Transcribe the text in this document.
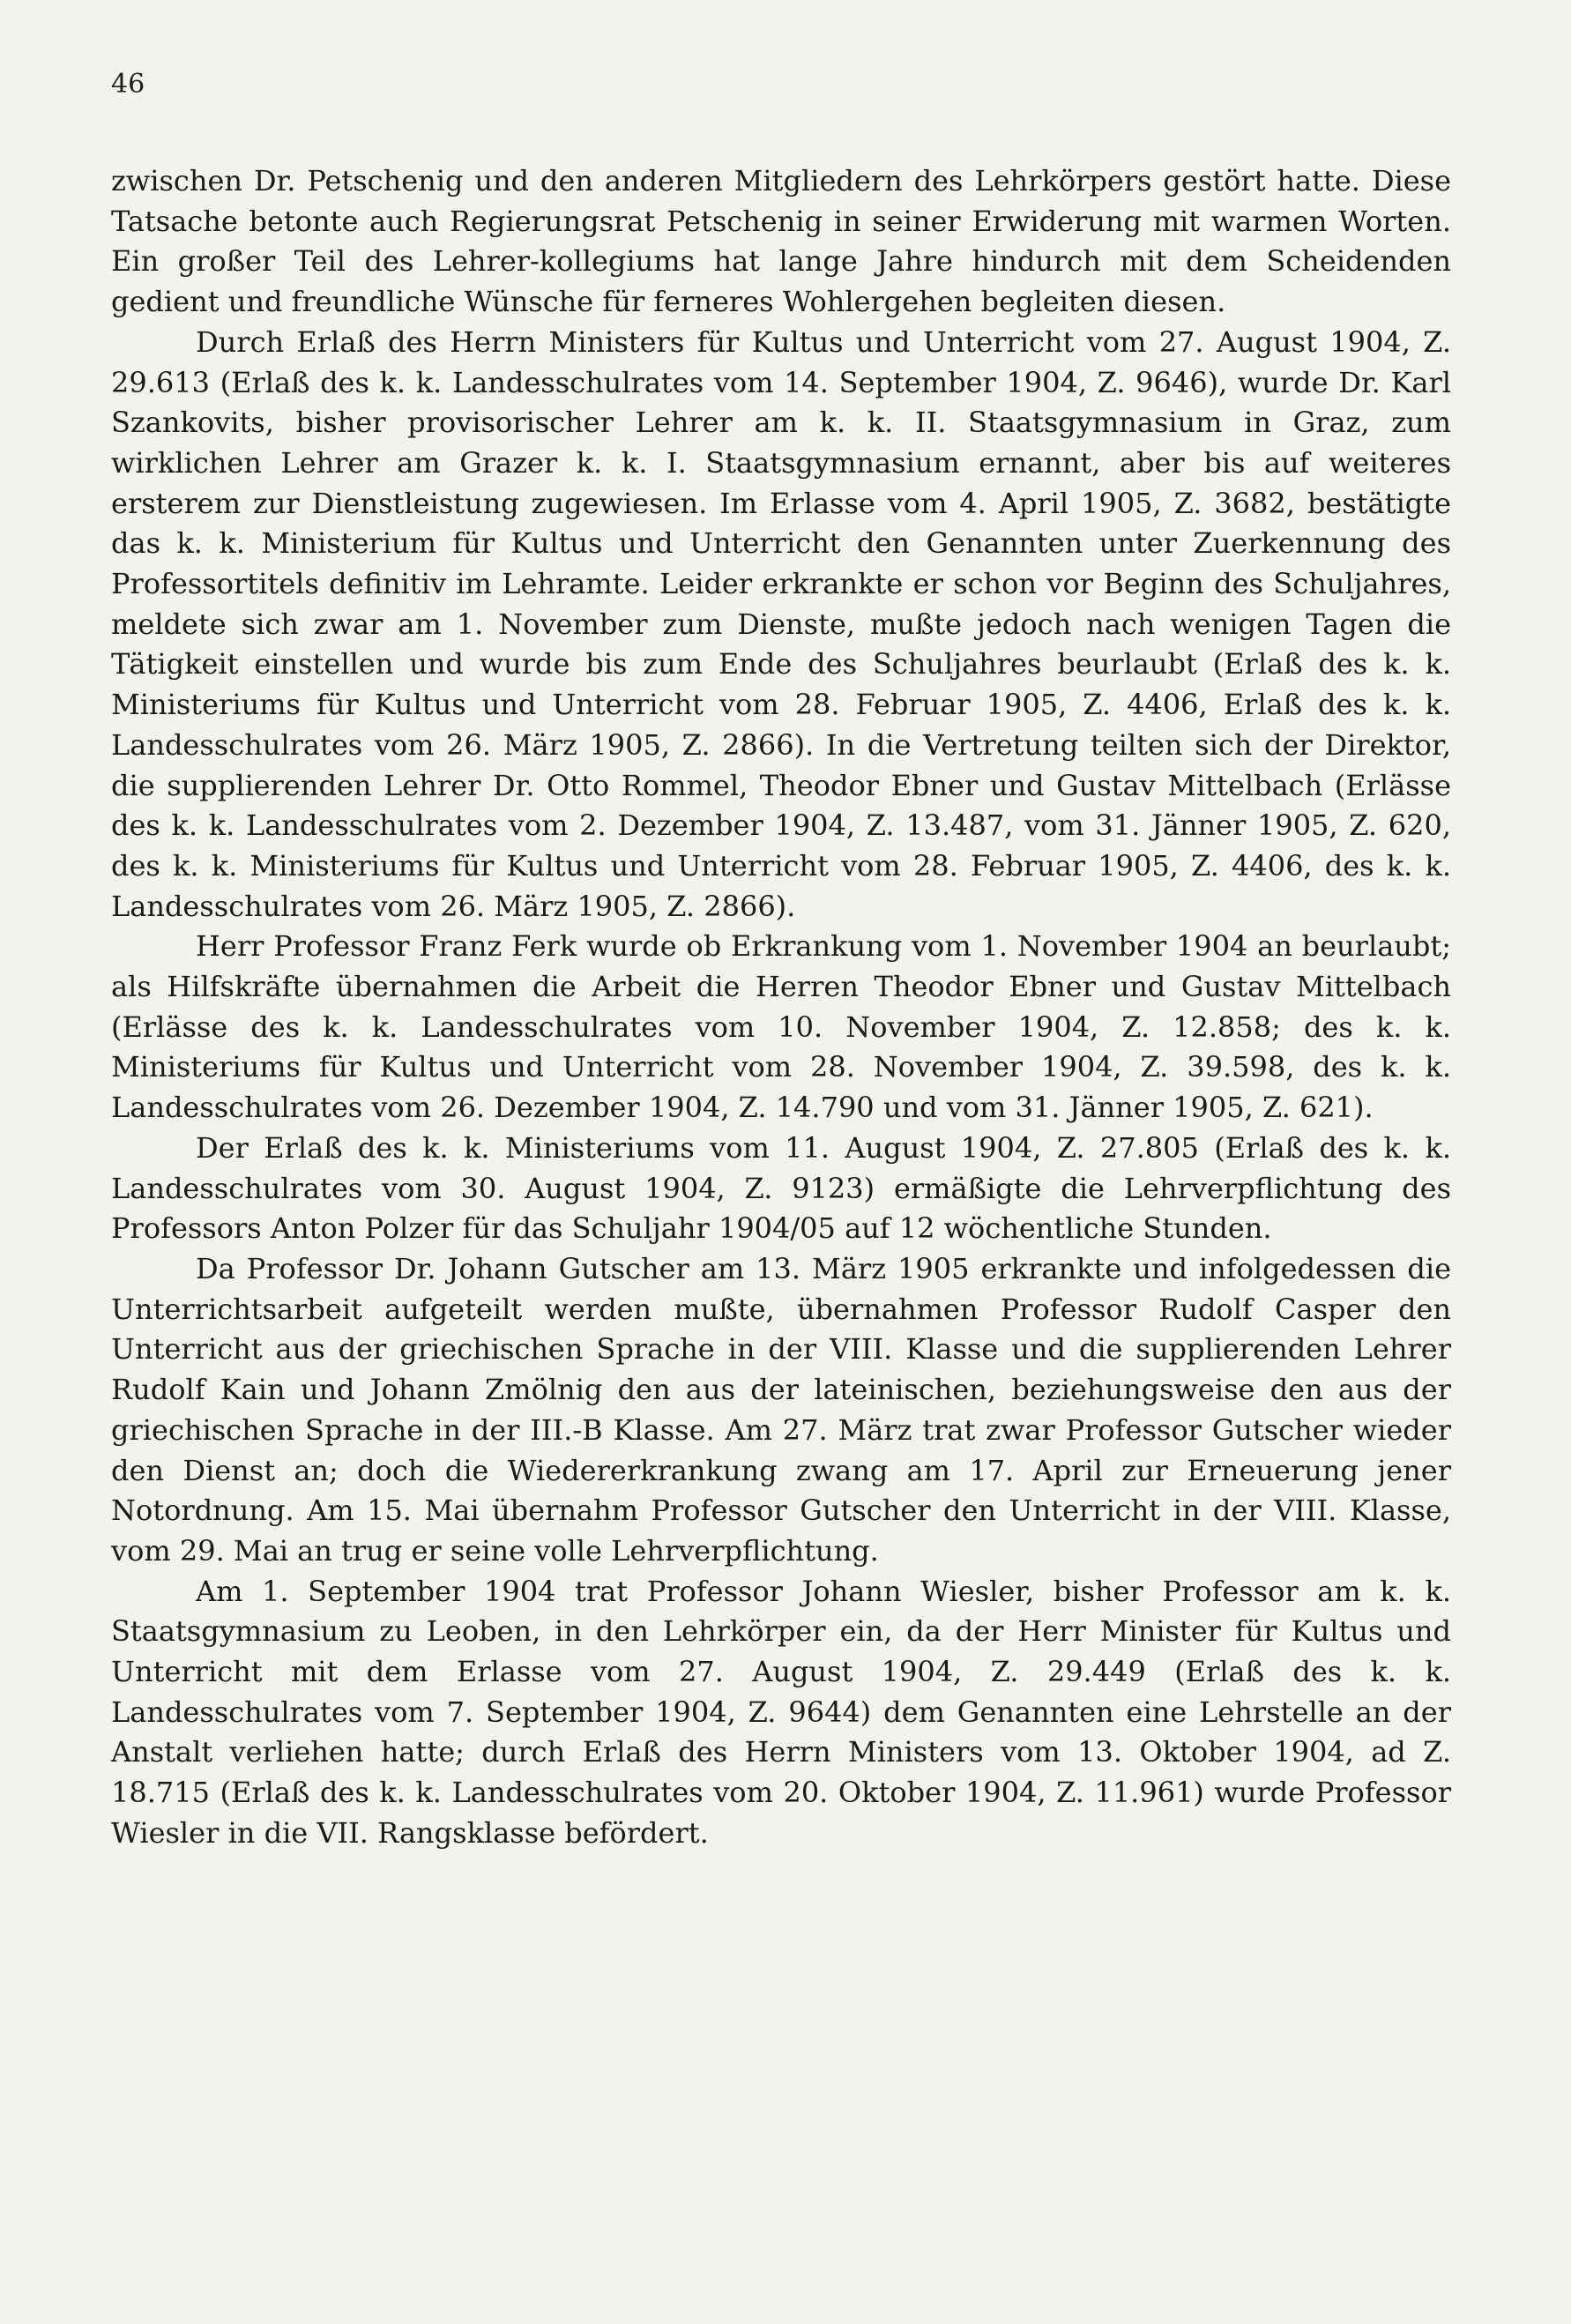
46

zwischen Dr. Petschenig und den anderen Mitgliedern des Lehrkörpers gestört hatte. Diese Tatsache betonte auch Regierungsrat Petschenig in seiner Erwiderung mit warmen Worten. Ein großer Teil des Lehrer-kollegiums hat lange Jahre hindurch mit dem Scheidenden gedient und freundliche Wünsche für ferneres Wohlergehen begleiten diesen.

Durch Erlaß des Herrn Ministers für Kultus und Unterricht vom 27. August 1904, Z. 29.613 (Erlaß des k. k. Landesschulrates vom 14. September 1904, Z. 9646), wurde Dr. Karl Szankovits, bisher provisorischer Lehrer am k. k. II. Staatsgymnasium in Graz, zum wirklichen Lehrer am Grazer k. k. I. Staatsgymnasium ernannt, aber bis auf weiteres ersterem zur Dienstleistung zugewiesen. Im Erlasse vom 4. April 1905, Z. 3682, bestätigte das k. k. Ministerium für Kultus und Unterricht den Genannten unter Zuerkennung des Professortitels definitiv im Lehramte. Leider erkrankte er schon vor Beginn des Schuljahres, meldete sich zwar am 1. November zum Dienste, mußte jedoch nach wenigen Tagen die Tätigkeit einstellen und wurde bis zum Ende des Schuljahres beurlaubt (Erlaß des k. k. Ministeriums für Kultus und Unterricht vom 28. Februar 1905, Z. 4406, Erlaß des k. k. Landesschulrates vom 26. März 1905, Z. 2866). In die Vertretung teilten sich der Direktor, die supplierenden Lehrer Dr. Otto Rommel, Theodor Ebner und Gustav Mittelbach (Erlässe des k. k. Landesschulrates vom 2. Dezember 1904, Z. 13.487, vom 31. Jänner 1905, Z. 620, des k. k. Ministeriums für Kultus und Unterricht vom 28. Februar 1905, Z. 4406, des k. k. Landesschulrates vom 26. März 1905, Z. 2866).

Herr Professor Franz Ferk wurde ob Erkrankung vom 1. November 1904 an beurlaubt; als Hilfskräfte übernahmen die Arbeit die Herren Theodor Ebner und Gustav Mittelbach (Erlässe des k. k. Landesschulrates vom 10. November 1904, Z. 12.858; des k. k. Ministeriums für Kultus und Unterricht vom 28. November 1904, Z. 39.598, des k. k. Landesschulrates vom 26. Dezember 1904, Z. 14.790 und vom 31. Jänner 1905, Z. 621).

Der Erlaß des k. k. Ministeriums vom 11. August 1904, Z. 27.805 (Erlaß des k. k. Landesschulrates vom 30. August 1904, Z. 9123) ermäßigte die Lehrverpflichtung des Professors Anton Polzer für das Schuljahr 1904/05 auf 12 wöchentliche Stunden.

Da Professor Dr. Johann Gutscher am 13. März 1905 erkrankte und infolgedessen die Unterrichtsarbeit aufgeteilt werden mußte, übernahmen Professor Rudolf Casper den Unterricht aus der griechischen Sprache in der VIII. Klasse und die supplierenden Lehrer Rudolf Kain und Johann Zmölnig den aus der lateinischen, beziehungsweise den aus der griechischen Sprache in der III.-B Klasse. Am 27. März trat zwar Professor Gutscher wieder den Dienst an; doch die Wiedererkrankung zwang am 17. April zur Erneuerung jener Notordnung. Am 15. Mai übernahm Professor Gutscher den Unterricht in der VIII. Klasse, vom 29. Mai an trug er seine volle Lehrverpflichtung.

Am 1. September 1904 trat Professor Johann Wiesler, bisher Professor am k. k. Staatsgymnasium zu Leoben, in den Lehrkörper ein, da der Herr Minister für Kultus und Unterricht mit dem Erlasse vom 27. August 1904, Z. 29.449 (Erlaß des k. k. Landesschulrates vom 7. September 1904, Z. 9644) dem Genannten eine Lehrstelle an der Anstalt verliehen hatte; durch Erlaß des Herrn Ministers vom 13. Oktober 1904, ad Z. 18.715 (Erlaß des k. k. Landesschulrates vom 20. Oktober 1904, Z. 11.961) wurde Professor Wiesler in die VII. Rangsklasse befördert.
